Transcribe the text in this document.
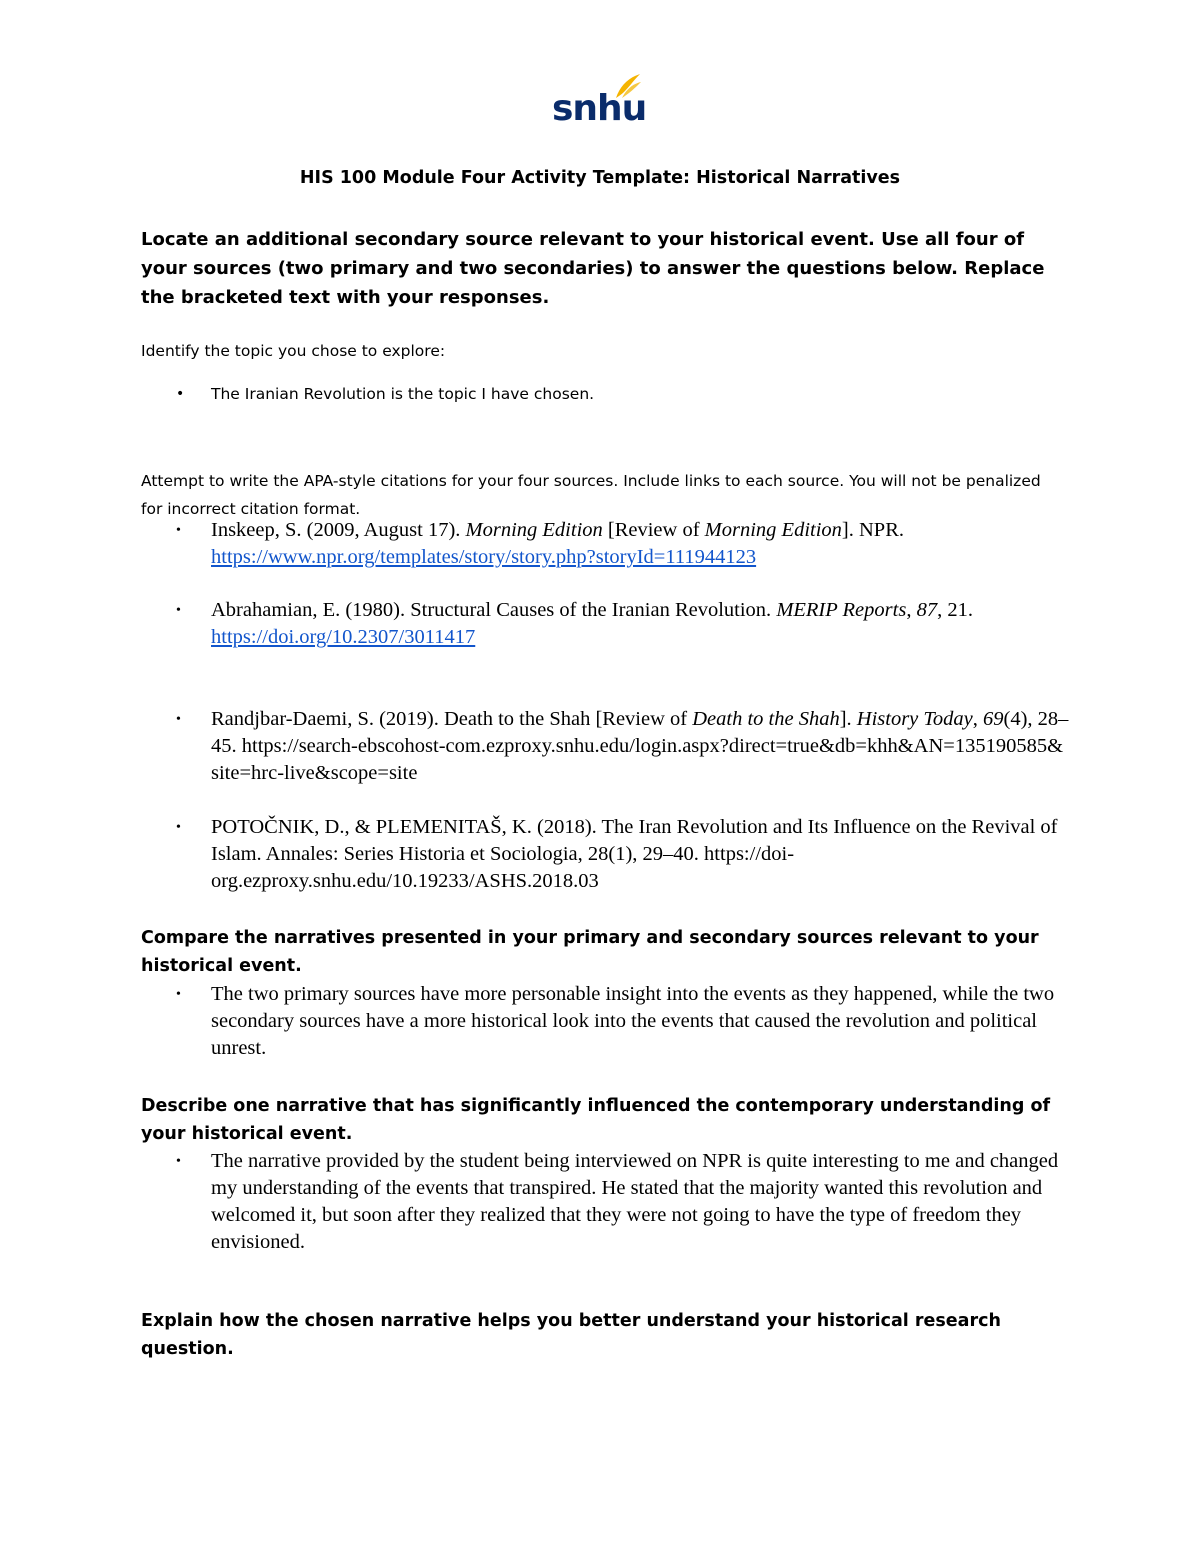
snhu
HIS 100 Module Four Activity Template: Historical Narratives
Locate an additional secondary source relevant to your historical event. Use all four of your sources (two primary and two secondaries) to answer the questions below. Replace the bracketed text with your responses.
Identify the topic you chose to explore:
•	The Iranian Revolution is the topic I have chosen.
Attempt to write the APA-style citations for your four sources. Include links to each source. You will not be penalized for incorrect citation format.
•	Inskeep, S. (2009, August 17). Morning Edition [Review of Morning Edition]. NPR.
https://www.npr.org/templates/story/story.php?storyId=111944123
•	Abrahamian, E. (1980). Structural Causes of the Iranian Revolution. MERIP Reports, 87, 21. https://doi.org/10.2307/3011417
•	Randjbar-Daemi, S. (2019). Death to the Shah [Review of Death to the Shah]. History Today, 69(4), 28–45. https://search-ebscohost-com.ezproxy.snhu.edu/login.aspx?direct=true&db=khh&AN=135190585&site=hrc-live&scope=site
•	POTOČNIK, D., & PLEMENITAŠ, K. (2018). The Iran Revolution and Its Influence on the Revival of Islam. Annales: Series Historia et Sociologia, 28(1), 29–40. https://doi-org.ezproxy.snhu.edu/10.19233/ASHS.2018.03
Compare the narratives presented in your primary and secondary sources relevant to your historical event.
•	The two primary sources have more personable insight into the events as they happened, while the two secondary sources have a more historical look into the events that caused the revolution and political unrest.
Describe one narrative that has significantly influenced the contemporary understanding of your historical event.
•	The narrative provided by the student being interviewed on NPR is quite interesting to me and changed my understanding of the events that transpired. He stated that the majority wanted this revolution and welcomed it, but soon after they realized that they were not going to have the type of freedom they envisioned.
Explain how the chosen narrative helps you better understand your historical research question.
